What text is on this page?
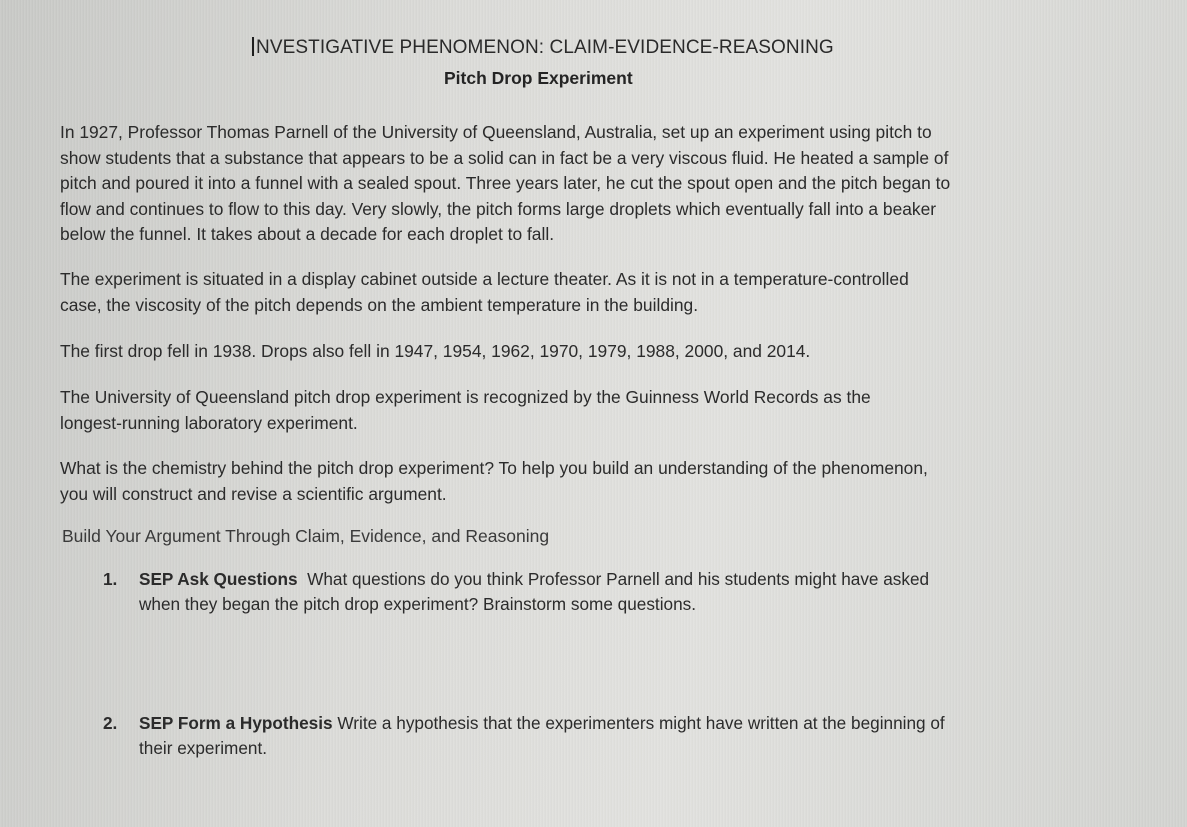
NVESTIGATIVE PHENOMENON: CLAIM-EVIDENCE-REASONING
Pitch Drop Experiment
In 1927, Professor Thomas Parnell of the University of Queensland, Australia, set up an experiment using pitch to
show students that a substance that appears to be a solid can in fact be a very viscous fluid. He heated a sample of
pitch and poured it into a funnel with a sealed spout. Three years later, he cut the spout open and the pitch began to
flow and continues to flow to this day. Very slowly, the pitch forms large droplets which eventually fall into a beaker
below the funnel. It takes about a decade for each droplet to fall.
The experiment is situated in a display cabinet outside a lecture theater. As it is not in a temperature-controlled
case, the viscosity of the pitch depends on the ambient temperature in the building.
The first drop fell in 1938. Drops also fell in 1947, 1954, 1962, 1970, 1979, 1988, 2000, and 2014.
The University of Queensland pitch drop experiment is recognized by the Guinness World Records as the
longest-running laboratory experiment.
What is the chemistry behind the pitch drop experiment? To help you build an understanding of the phenomenon,
you will construct and revise a scientific argument.
Build Your Argument Through Claim, Evidence, and Reasoning
1. SEP Ask Questions What questions do you think Professor Parnell and his students might have asked
when they began the pitch drop experiment? Brainstorm some questions.
2. SEP Form a Hypothesis Write a hypothesis that the experimenters might have written at the beginning of
their experiment.
